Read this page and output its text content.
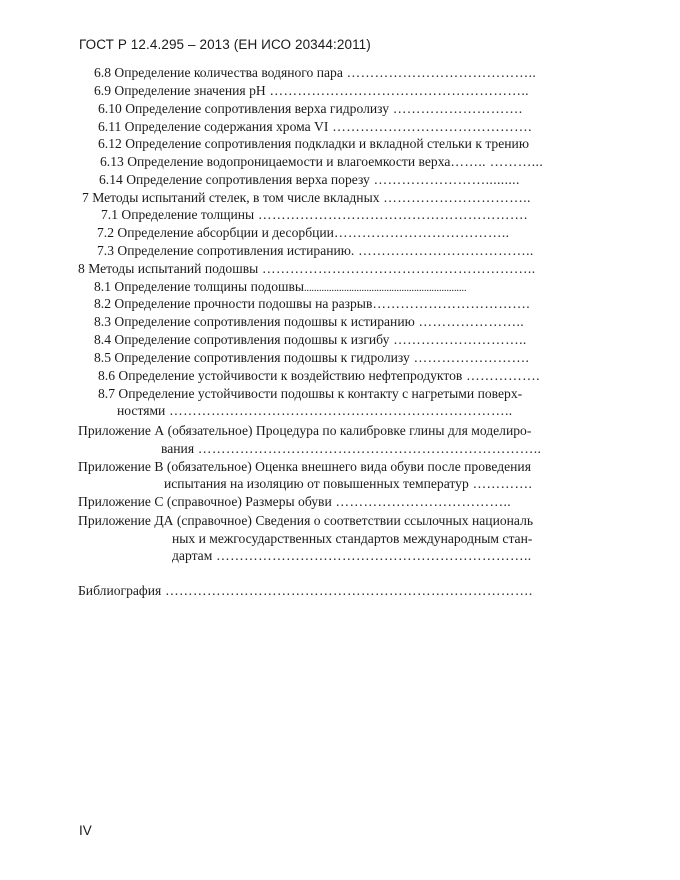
ГОСТ Р 12.4.295 – 2013 (ЕН ИСО 20344:2011)
6.8 Определение количества водяного пара …………………………………..
6.9 Определение значения рН ………………………………………………..
6.10 Определение сопротивления верха гидролизу ……………………….
6.11 Определение содержания хрома VI …………………………………….
6.12 Определение сопротивления подкладки и вкладной стельки к трению
6.13 Определение водопроницаемости и влагоемкости верха…….. ………...
6.14 Определение сопротивления верха порезу …………………….........
7 Методы испытаний стелек, в том числе вкладных …………………………..
7.1 Определение толщины ………………………………………………….
7.2 Определение абсорбции и десорбции………………………………..
7.3 Определение сопротивления истиранию. ………………………………..
8 Методы испытаний подошвы …………………………………………………..
8.1 Определение толщины подошвы.................................................................
8.2 Определение прочности подошвы на разрыв…………………………….
8.3 Определение сопротивления подошвы к истиранию …………………..
8.4 Определение сопротивления подошвы к изгибу ………………………..
8.5 Определение сопротивления подошвы к гидролизу …………………….
8.6 Определение устойчивости к воздействию нефтепродуктов …………….
8.7 Определение устойчивости подошвы к контакту с нагретыми поверх-
ностями ………………………………………………………………..
Приложение А (обязательное) Процедура по калибровке глины для моделиро-
вания ………………………………………………………………..
Приложение В (обязательное) Оценка внешнего вида обуви после проведения
испытания на изоляцию от повышенных температур ………….
Приложение С (справочное) Размеры обуви ………………………………..
Приложение ДА (справочное) Сведения о соответствии ссылочных националь
ных и межгосударственных стандартов международным стан-
дартам …………………………………………………………..
Библиография …………………………………………………………………….
IV
